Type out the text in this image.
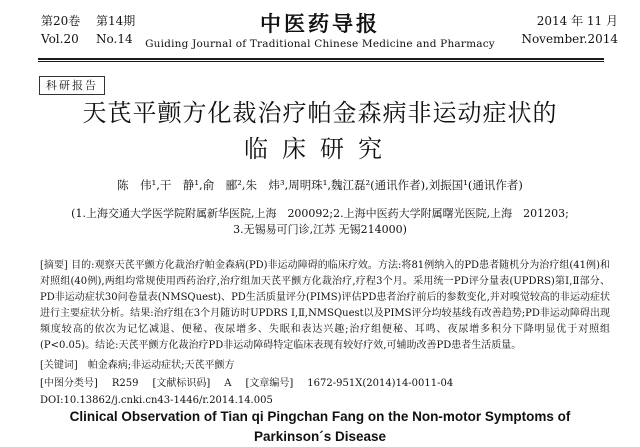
第20卷 第14期
Vol.20 No.14
中医药导报
Guiding Journal of Traditional Chinese Medicine and Pharmacy
2014 年 11 月
November.2014
科研报告
天芪平颤方化裁治疗帕金森病非运动症状的
临床研究
陈　伟¹,干　静¹,俞　郦²,朱　炜³,周明珠¹,魏江磊²(通讯作者),刘振国¹(通讯作者)
(1.上海交通大学医学院附属新华医院,上海　200092;2.上海中医药大学附属曙光医院,上海　201203;
3.无锡易可门诊,江苏 无锡214000)
[摘要] 目的:观察天芪平颤方化裁治疗帕金森病(PD)非运动障碍的临床疗效。方法:将81例纳入的PD患者随机分为治疗组(41例)和对照组(40例),两组均常规使用西药治疗,治疗组加天芪平颤方化裁治疗,疗程3个月。采用统一PD评分量表(UPDRS)第Ⅰ,Ⅱ部分、PD非运动症状30问卷量表(NMSQuest)、PD生活质量评分(PIMS)评估PD患者治疗前后的参数变化,并对嗅觉较高的非运动症状进行主要症状分析。结果:治疗组在3个月随访时UPDRS Ⅰ,Ⅱ,NMSQuest以及PIMS评分均较基线有改善趋势;PD非运动障碍出现频度较高的依次为记忆减退、便秘、夜尿增多、失眠和表达兴趣;治疗组便秘、耳鸣、夜尿增多积分下降明显优于对照组(P<0.05)。结论:天芪平颤方化裁治疗PD非运动障碍特定临床表现有较好疗效,可辅助改善PD患者生活质量。
[关键词]　 帕金森病;非运动症状;天芪平颤方
[中图分类号] R259 [文献标识码] A [文章编号] 1672-951X(2014)14-0011-04
DOI:10.13862/j.cnki.cn43-1446/r.2014.14.005
Clinical Observation of Tian qi Pingchan Fang on the Non-motor Symptoms of
Parkinson´s Disease
